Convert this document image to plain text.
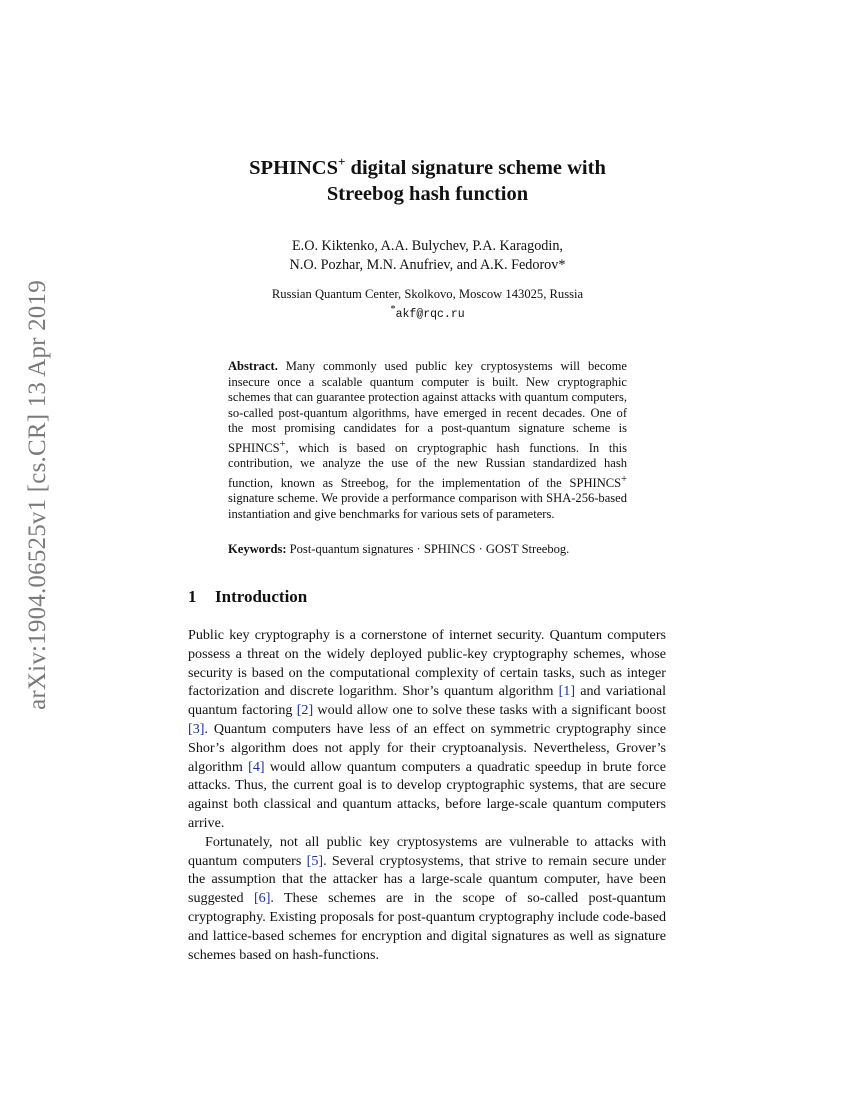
arXiv:1904.06525v1 [cs.CR] 13 Apr 2019
SPHINCS+ digital signature scheme with
Streebog hash function
E.O. Kiktenko, A.A. Bulychev, P.A. Karagodin,
N.O. Pozhar, M.N. Anufriev, and A.K. Fedorov*
Russian Quantum Center, Skolkovo, Moscow 143025, Russia
*akf@rqc.ru
Abstract. Many commonly used public key cryptosystems will become insecure once a scalable quantum computer is built. New cryptographic schemes that can guarantee protection against attacks with quantum computers, so-called post-quantum algorithms, have emerged in recent decades. One of the most promising candidates for a post-quantum signature scheme is SPHINCS+, which is based on cryptographic hash functions. In this contribution, we analyze the use of the new Russian standardized hash function, known as Streebog, for the implementation of the SPHINCS+ signature scheme. We provide a performance comparison with SHA-256-based instantiation and give benchmarks for various sets of parameters.
Keywords: Post-quantum signatures · SPHINCS · GOST Streebog.
1 Introduction

Public key cryptography is a cornerstone of internet security. Quantum computers possess a threat on the widely deployed public-key cryptography schemes, whose security is based on the computational complexity of certain tasks, such as integer factorization and discrete logarithm. Shor’s quantum algorithm [1] and variational quantum factoring [2] would allow one to solve these tasks with a significant boost [3]. Quantum computers have less of an effect on symmetric cryptography since Shor’s algorithm does not apply for their cryptoanalysis. Nevertheless, Grover’s algorithm [4] would allow quantum computers a quadratic speedup in brute force attacks. Thus, the current goal is to develop cryptographic systems, that are secure against both classical and quantum attacks, before large-scale quantum computers arrive.

Fortunately, not all public key cryptosystems are vulnerable to attacks with quantum computers [5]. Several cryptosystems, that strive to remain secure under the assumption that the attacker has a large-scale quantum computer, have been suggested [6]. These schemes are in the scope of so-called post-quantum cryptography. Existing proposals for post-quantum cryptography include code-based and lattice-based schemes for encryption and digital signatures as well as signature schemes based on hash-functions.
